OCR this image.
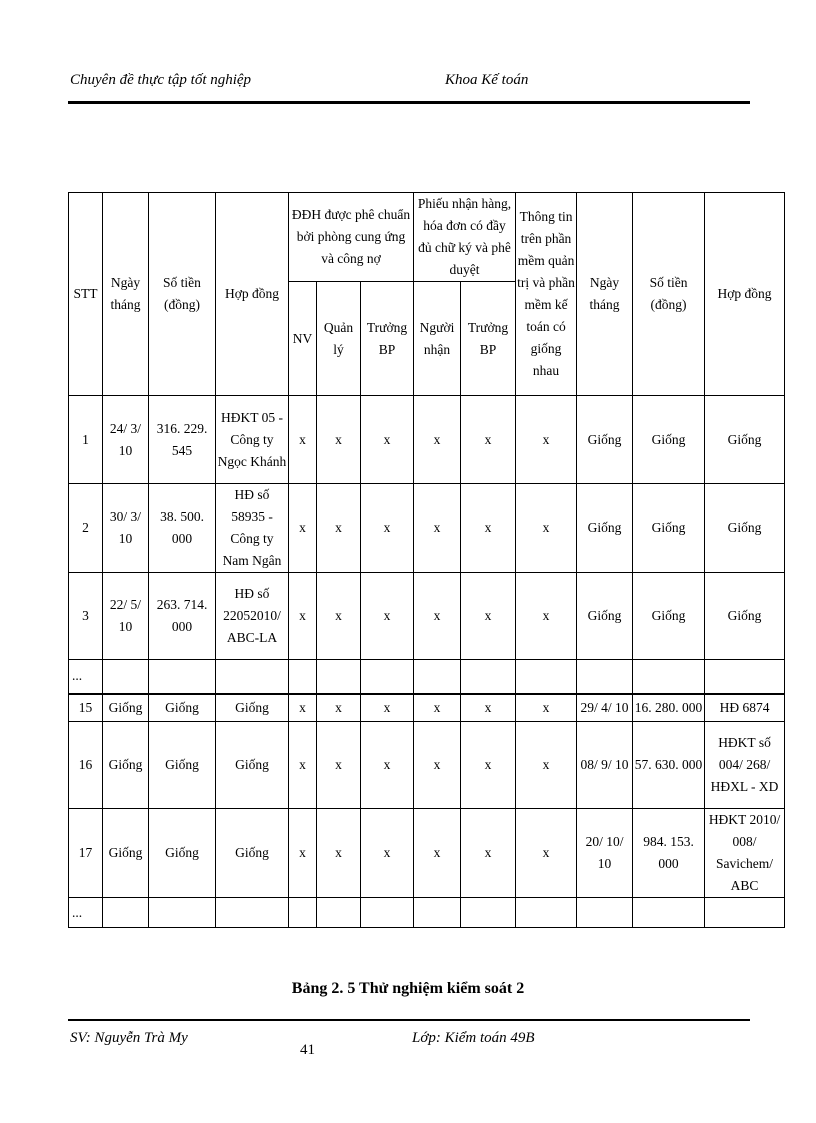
Chuyên đề thực tập tốt nghiệp	Khoa Kế toán
STT	Ngày tháng	Số tiền (đồng)	Hợp đồng	ĐĐH được phê chuẩn bởi phòng cung ứng và công nợ			Phiếu nhận hàng, hóa đơn có đầy đủ chữ ký và phê duyệt		Thông tin trên phần mềm quản trị và phần mềm kế toán có giống nhau	Ngày tháng	Số tiền (đồng)	Hợp đồng
				NV	Quản lý	Trưởng BP	Người nhận	Trưởng BP				
1	24/ 3/ 10	316. 229. 545	HĐKT 05 - Công ty Ngọc Khánh	x	x	x	x	x	x	Giống	Giống	Giống
2	30/ 3/ 10	38. 500. 000	HĐ số 58935 - Công ty Nam Ngân	x	x	x	x	x	x	Giống	Giống	Giống
3	22/ 5/ 10	263. 714. 000	HĐ số 22052010/ ABC-LA	x	x	x	x	x	x	Giống	Giống	Giống
...												
15	Giống	Giống	Giống	x	x	x	x	x	x	29/ 4/ 10	16. 280. 000	HĐ 6874
16	Giống	Giống	Giống	x	x	x	x	x	x	08/ 9/ 10	57. 630. 000	HĐKT số 004/ 268/ HĐXL - XD
17	Giống	Giống	Giống	x	x	x	x	x	x	20/ 10/ 10	984. 153. 000	HĐKT 2010/ 008/ Savichem/ ABC
...												
Bảng 2. 5 Thử nghiệm kiểm soát 2
SV: Nguyễn Trà My
41
Lớp: Kiểm toán 49B
